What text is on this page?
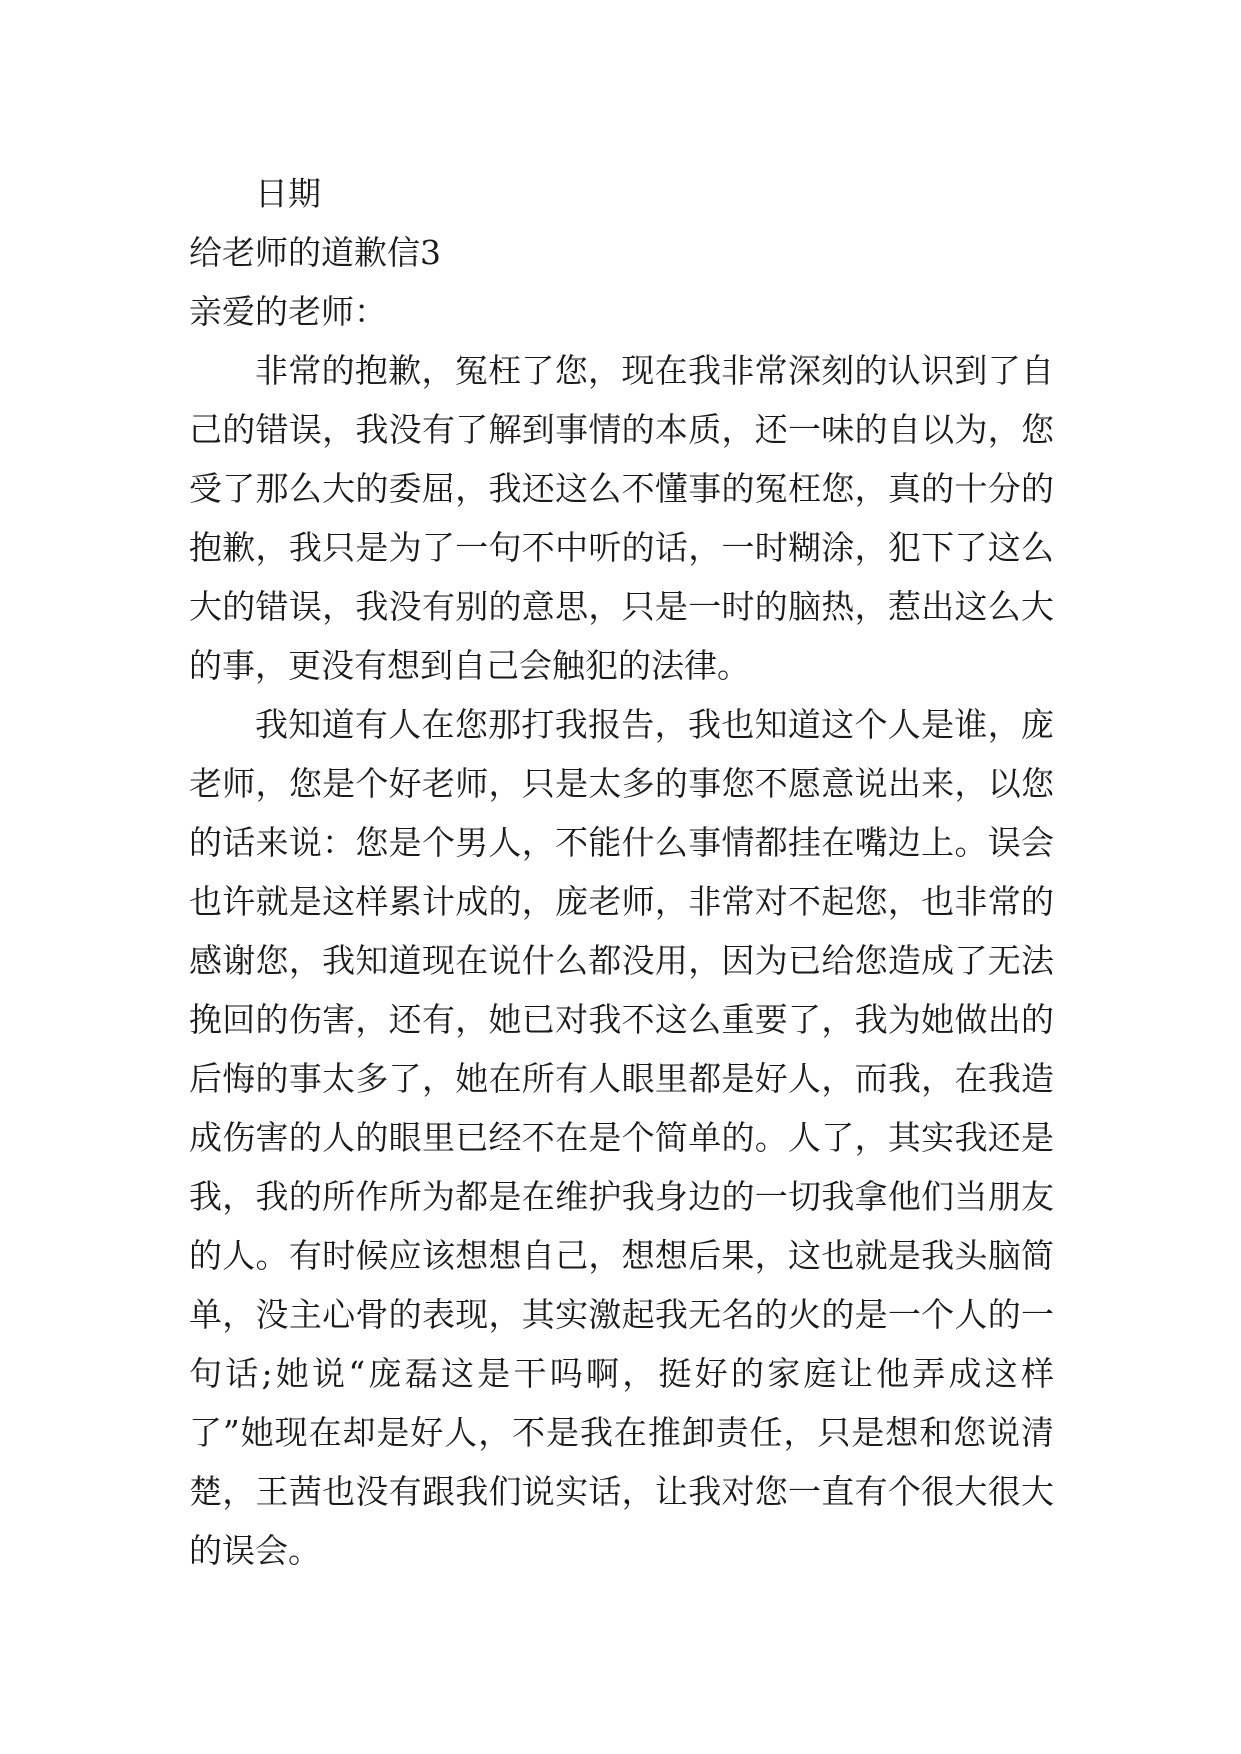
日期

给老师的道歉信3

亲爱的老师：

非常的抱歉，冤枉了您，现在我非常深刻的认识到了自己的错误，我没有了解到事情的本质，还一味的自以为，您受了那么大的委屈，我还这么不懂事的冤枉您，真的十分的抱歉，我只是为了一句不中听的话，一时糊涂，犯下了这么大的错误，我没有别的意思，只是一时的脑热，惹出这么大的事，更没有想到自己会触犯的法律。

我知道有人在您那打我报告，我也知道这个人是谁，庞老师，您是个好老师，只是太多的事您不愿意说出来，以您的话来说：您是个男人，不能什么事情都挂在嘴边上。误会也许就是这样累计成的，庞老师，非常对不起您，也非常的感谢您，我知道现在说什么都没用，因为已给您造成了无法挽回的伤害，还有，她已对我不这么重要了，我为她做出的后悔的事太多了，她在所有人眼里都是好人，而我，在我造成伤害的人的眼里已经不在是个简单的。人了，其实我还是我，我的所作所为都是在维护我身边的一切我拿他们当朋友的人。有时候应该想想自己，想想后果，这也就是我头脑简单，没主心骨的表现，其实激起我无名的火的是一个人的一句话;她说“庞磊这是干吗啊，挺好的家庭让他弄成这样了”她现在却是好人，不是我在推卸责任，只是想和您说清楚，王茜也没有跟我们说实话，让我对您一直有个很大很大的误会。
